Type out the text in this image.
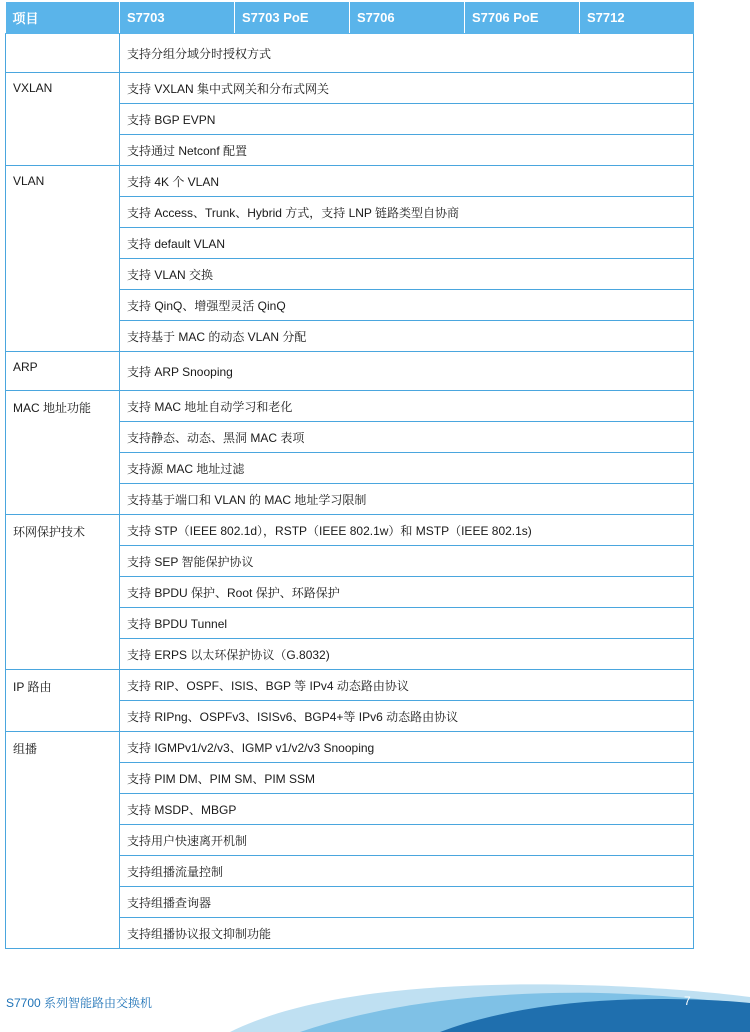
项目	S7703	S7703 PoE	S7706	S7706 PoE	S7712
	支持分组分域分时授权方式				
VXLAN	支持 VXLAN 集中式网关和分布式网关				
	支持 BGP EVPN				
	支持通过 Netconf 配置				
VLAN	支持 4K 个 VLAN				
	支持 Access、Trunk、Hybrid 方式，支持 LNP 链路类型自协商				
	支持 default VLAN				
	支持 VLAN 交换				
	支持 QinQ、增强型灵活 QinQ				
	支持基于 MAC 的动态 VLAN 分配				
ARP	支持 ARP Snooping				
MAC 地址功能	支持 MAC 地址自动学习和老化				
	支持静态、动态、黑洞 MAC 表项				
	支持源 MAC 地址过滤				
	支持基于端口和 VLAN 的 MAC 地址学习限制				
环网保护技术	支持 STP（IEEE 802.1d），RSTP（IEEE 802.1w）和 MSTP（IEEE 802.1s)				
	支持 SEP 智能保护协议				
	支持 BPDU 保护、Root 保护、环路保护				
	支持 BPDU Tunnel				
	支持 ERPS 以太环保护协议（G.8032)				
IP 路由	支持 RIP、OSPF、ISIS、BGP 等 IPv4 动态路由协议				
	支持 RIPng、OSPFv3、ISISv6、BGP4+等 IPv6 动态路由协议				
组播	支持 IGMPv1/v2/v3、IGMP v1/v2/v3 Snooping				
	支持 PIM DM、PIM SM、PIM SSM				
	支持 MSDP、MBGP				
	支持用户快速离开机制				
	支持组播流量控制				
	支持组播查询器				
	支持组播协议报文抑制功能				
S7700 系列智能路由交换机	7
